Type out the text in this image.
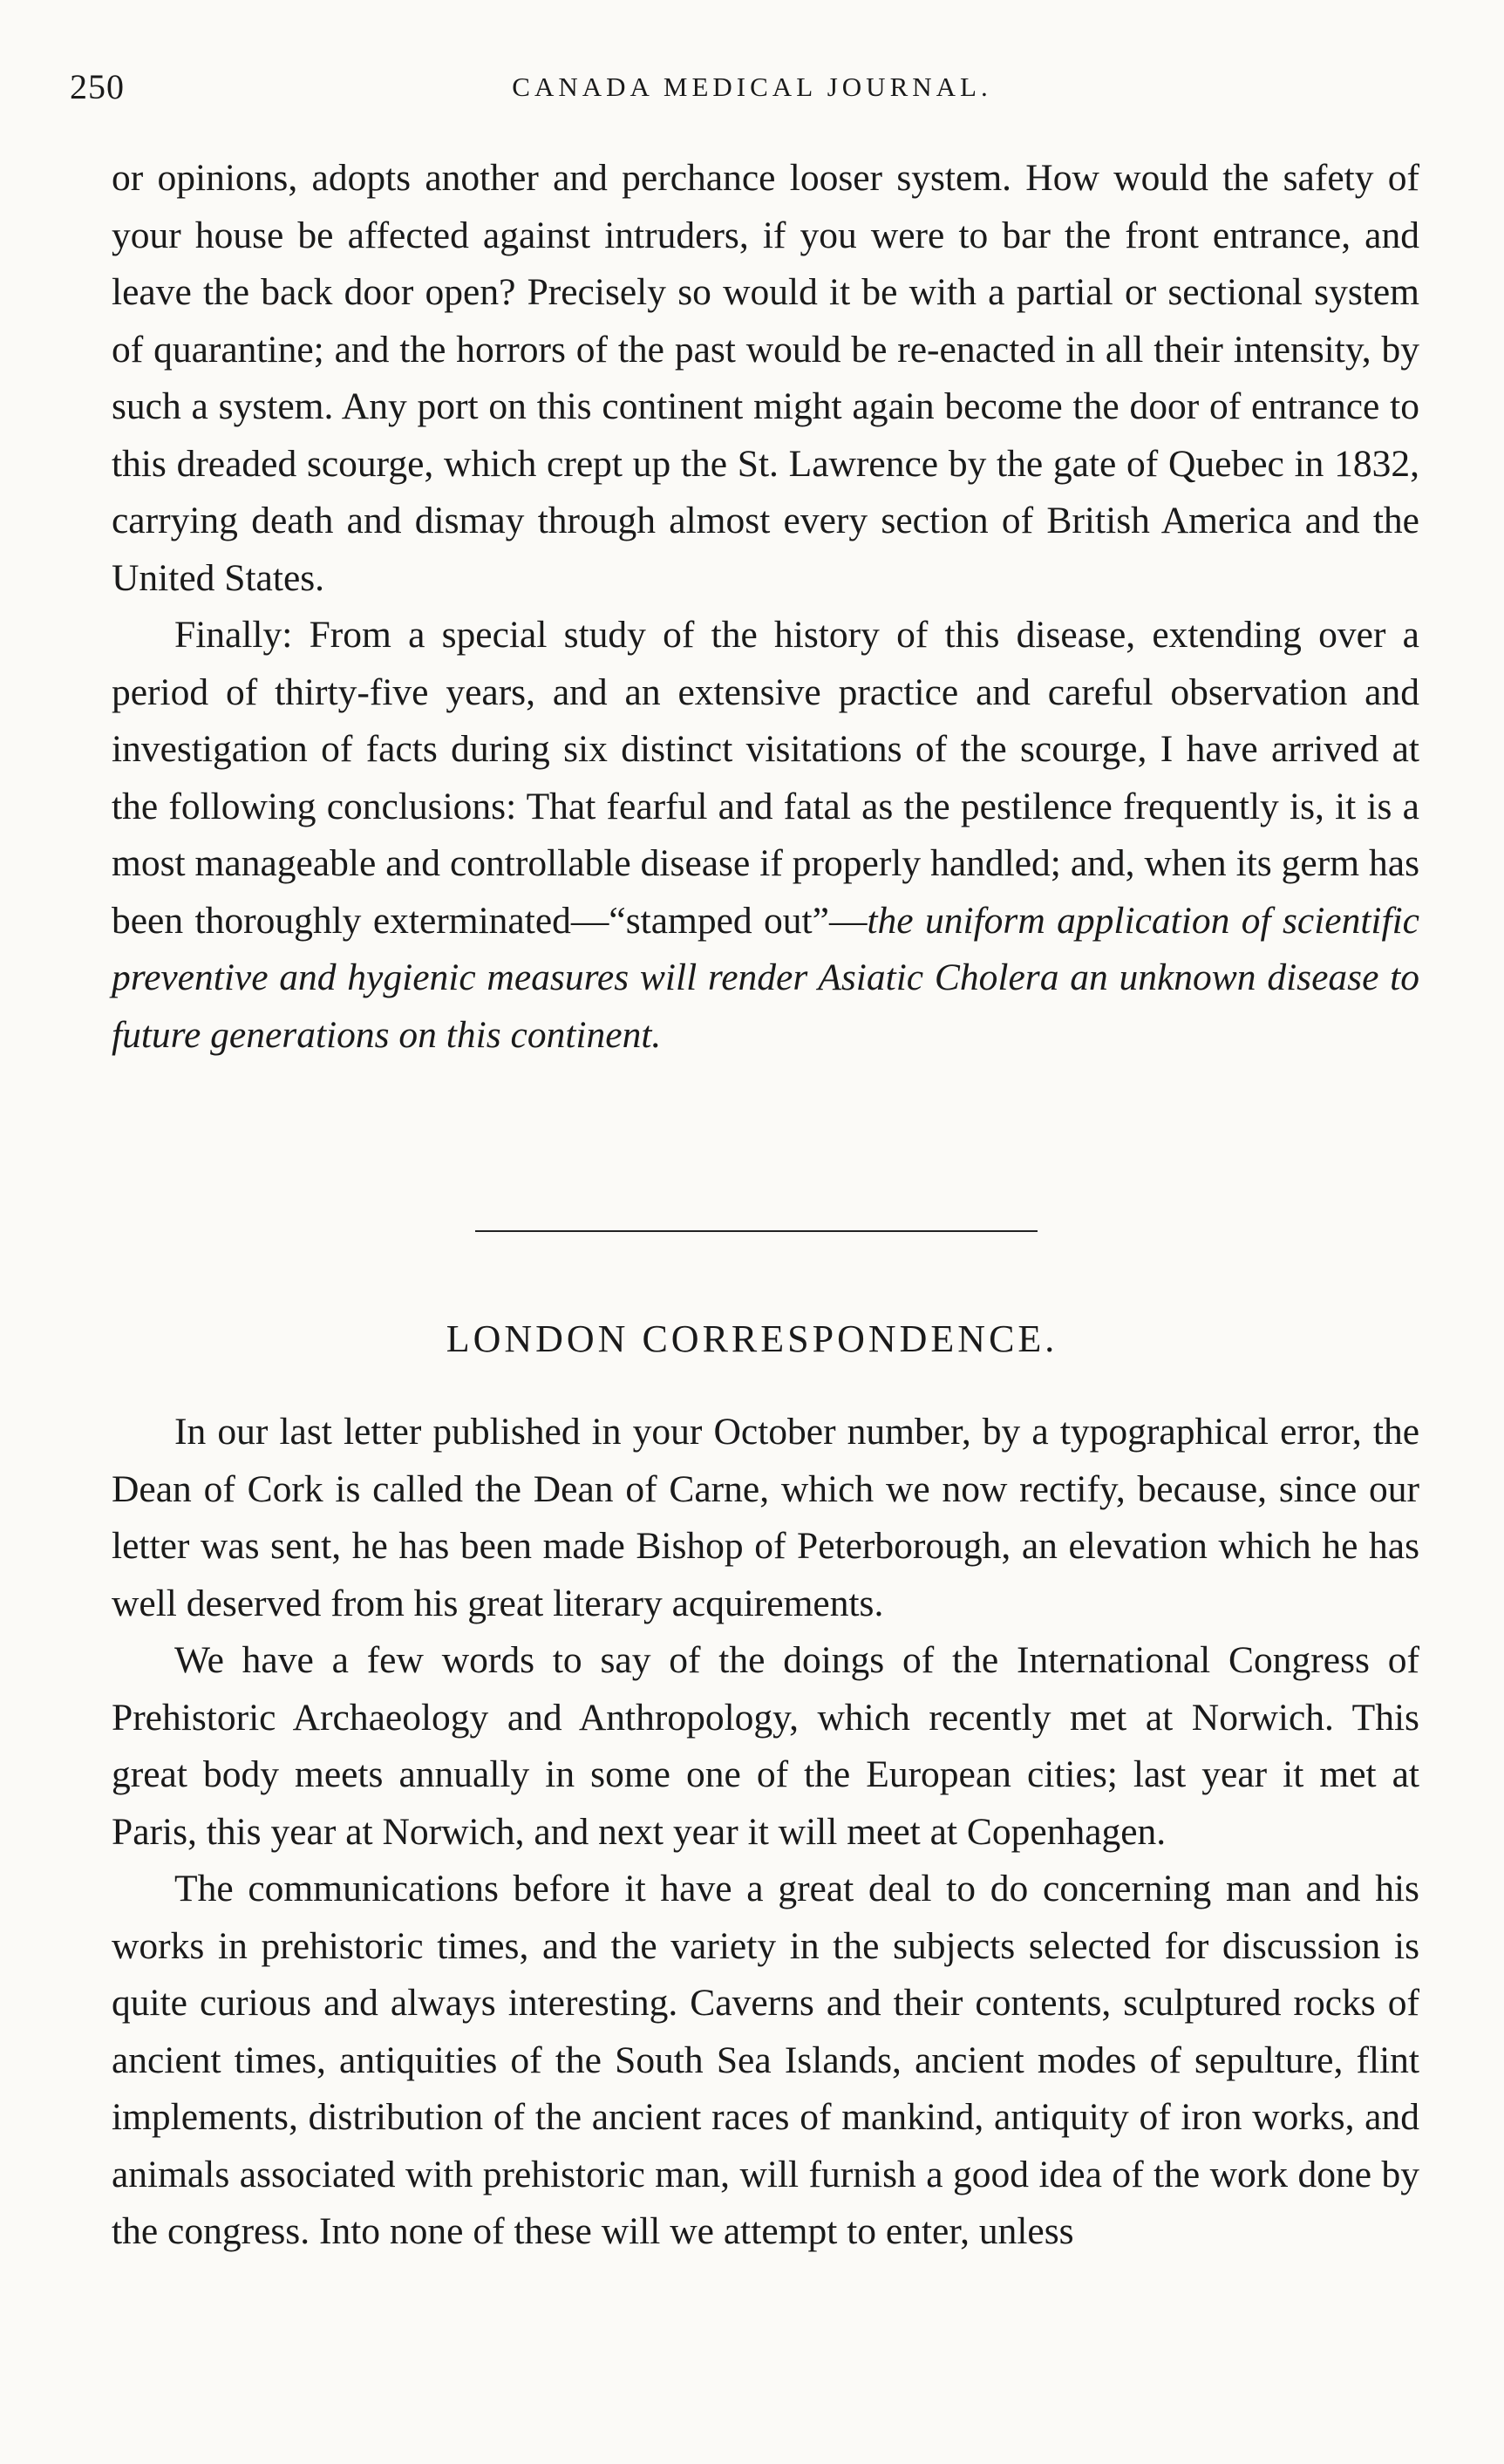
250	CANADA MEDICAL JOURNAL.

or opinions, adopts another and perchance looser system. How would the safety of your house be affected against intruders, if you were to bar the front entrance, and leave the back door open? Precisely so would it be with a partial or sectional system of quarantine; and the horrors of the past would be re-enacted in all their intensity, by such a system. Any port on this continent might again become the door of entrance to this dreaded scourge, which crept up the St. Lawrence by the gate of Quebec in 1832, carrying death and dismay through almost every section of British America and the United States.

Finally: From a special study of the history of this disease, extending over a period of thirty-five years, and an extensive practice and careful observation and investigation of facts during six distinct visitations of the scourge, I have arrived at the following conclusions: That fearful and fatal as the pestilence frequently is, it is a most manageable and controllable disease if properly handled; and, when its germ has been thoroughly exterminated—“stamped out”—the uniform application of scientific preventive and hygienic measures will render Asiatic Cholera an unknown disease to future generations on this continent.

LONDON CORRESPONDENCE.

In our last letter published in your October number, by a typographical error, the Dean of Cork is called the Dean of Carne, which we now rectify, because, since our letter was sent, he has been made Bishop of Peterborough, an elevation which he has well deserved from his great literary acquirements.

We have a few words to say of the doings of the International Congress of Prehistoric Archaeology and Anthropology, which recently met at Norwich. This great body meets annually in some one of the European cities; last year it met at Paris, this year at Norwich, and next year it will meet at Copenhagen.

The communications before it have a great deal to do concerning man and his works in prehistoric times, and the variety in the subjects selected for discussion is quite curious and always interesting. Caverns and their contents, sculptured rocks of ancient times, antiquities of the South Sea Islands, ancient modes of sepulture, flint implements, distribution of the ancient races of mankind, antiquity of iron works, and animals associated with prehistoric man, will furnish a good idea of the work done by the congress. Into none of these will we attempt to enter, unless
